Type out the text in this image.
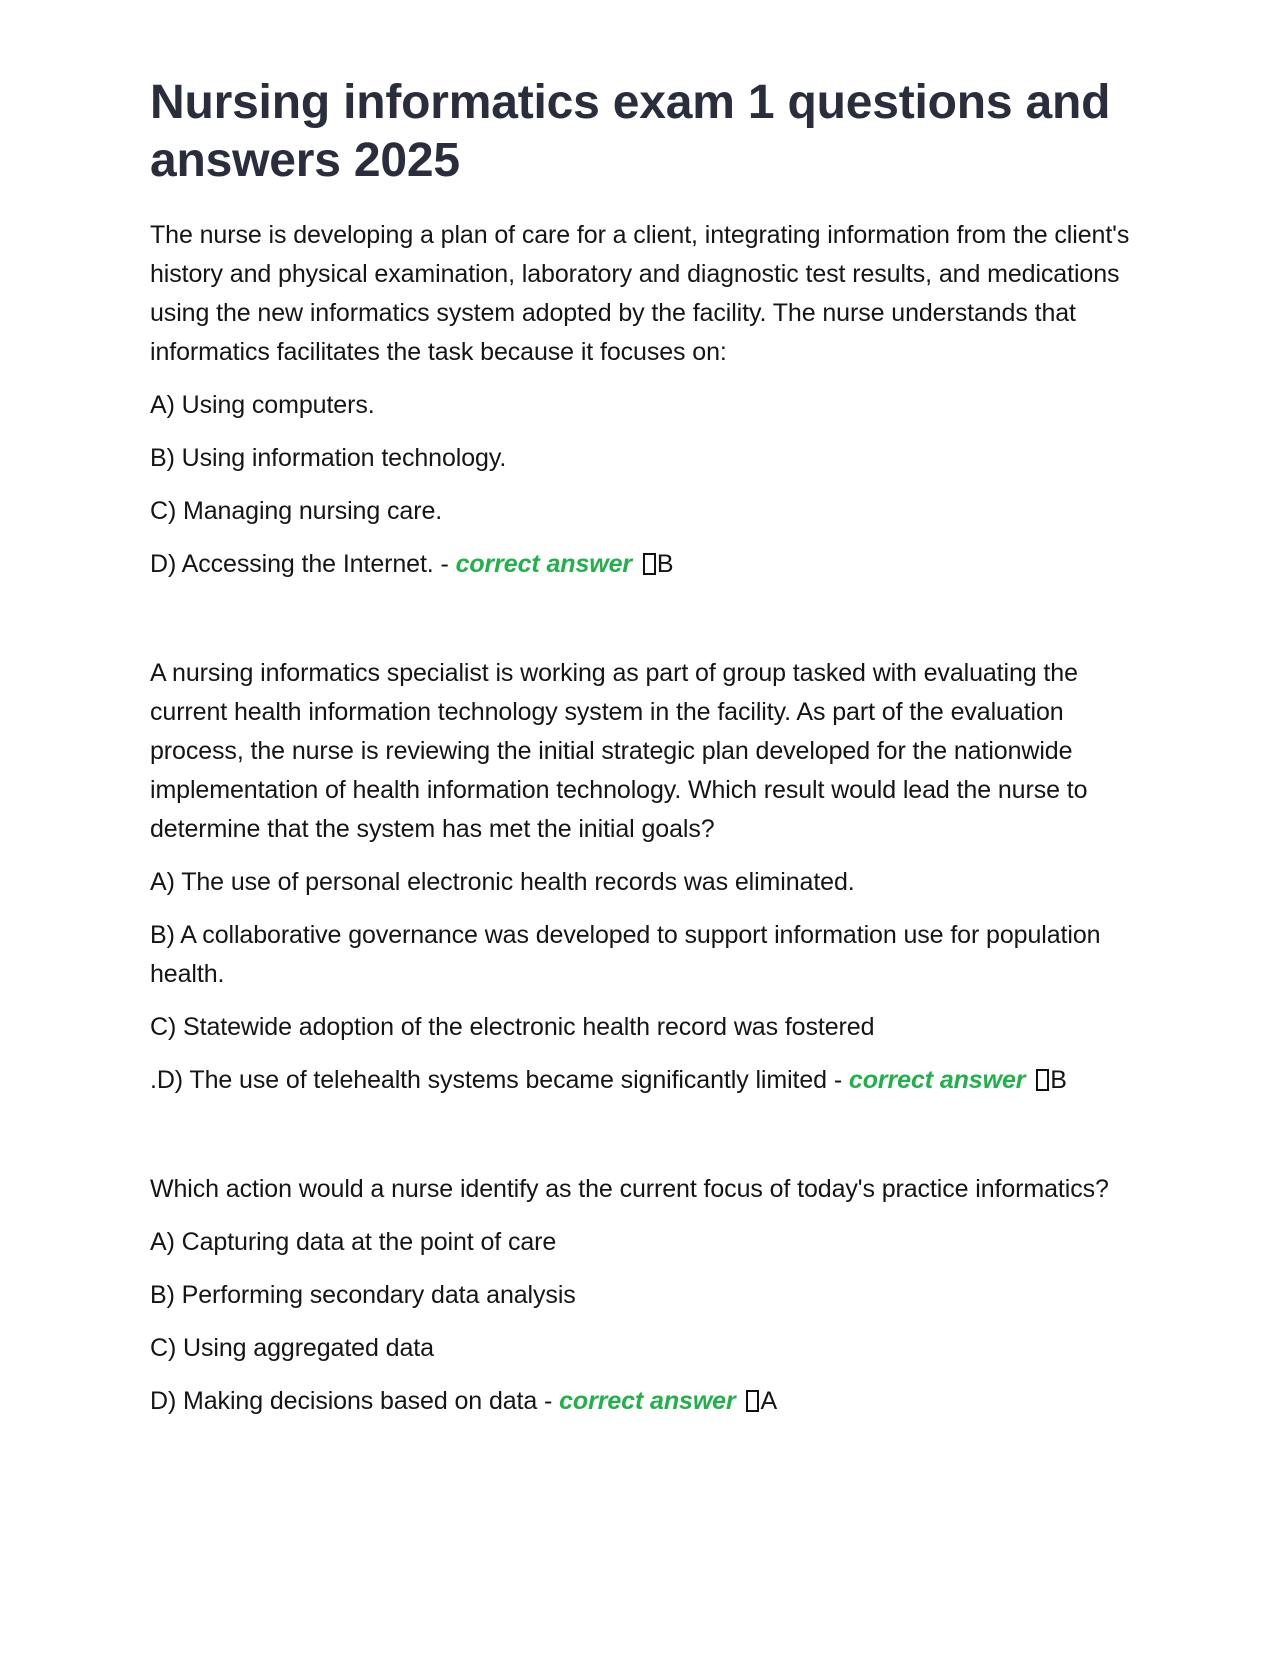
Nursing informatics exam 1 questions and answers 2025

The nurse is developing a plan of care for a client, integrating information from the client's history and physical examination, laboratory and diagnostic test results, and medications using the new informatics system adopted by the facility. The nurse understands that informatics facilitates the task because it focuses on:

A) Using computers.

B) Using information technology.

C) Managing nursing care.

D) Accessing the Internet. - correct answer B

A nursing informatics specialist is working as part of group tasked with evaluating the current health information technology system in the facility. As part of the evaluation process, the nurse is reviewing the initial strategic plan developed for the nationwide implementation of health information technology. Which result would lead the nurse to determine that the system has met the initial goals?

A) The use of personal electronic health records was eliminated.

B) A collaborative governance was developed to support information use for population health.

C) Statewide adoption of the electronic health record was fostered

.D) The use of telehealth systems became significantly limited - correct answer B

Which action would a nurse identify as the current focus of today's practice informatics?

A) Capturing data at the point of care

B) Performing secondary data analysis

C) Using aggregated data

D) Making decisions based on data - correct answer A
